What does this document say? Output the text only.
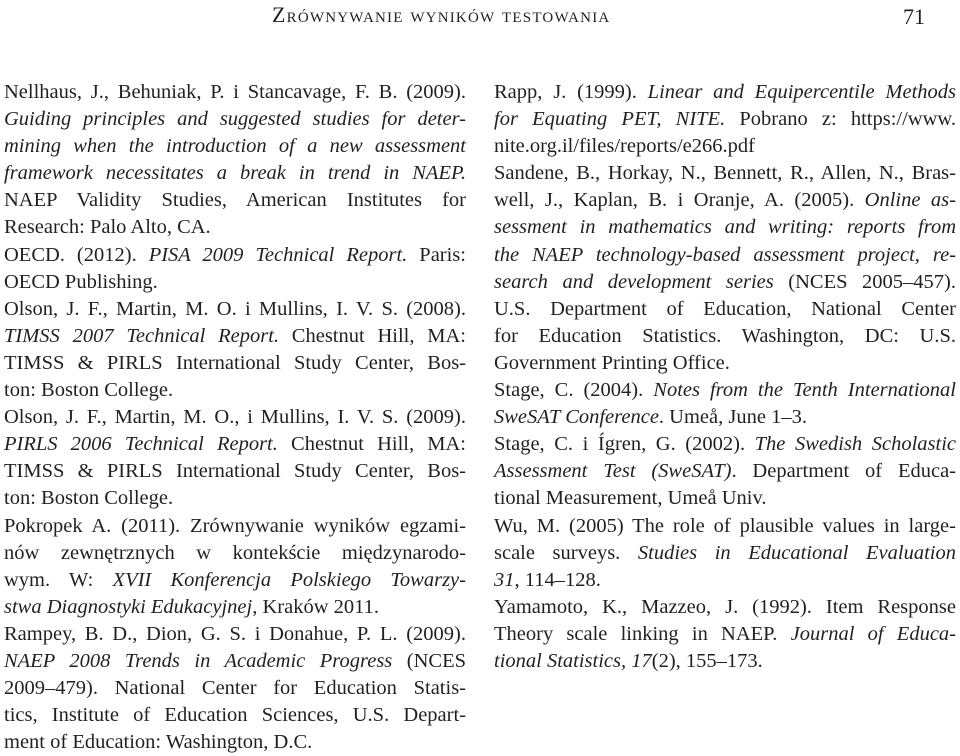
Zrównywanie wyników testowania	71
Nellhaus, J., Behuniak, P. i Stancavage, F. B. (2009).
Guiding principles and suggested studies for deter-
mining when the introduction of a new assessment
framework necessitates a break in trend in NAEP.
NAEP Validity Studies, American Institutes for
Research: Palo Alto, CA.
OECD. (2012). PISA 2009 Technical Report. Paris:
OECD Publishing.
Olson, J. F., Martin, M. O. i Mullins, I. V. S. (2008).
TIMSS 2007 Technical Report. Chestnut Hill, MA:
TIMSS & PIRLS International Study Center, Bos-
ton: Boston College.
Olson, J. F., Martin, M. O., i Mullins, I. V. S. (2009).
PIRLS 2006 Technical Report. Chestnut Hill, MA:
TIMSS & PIRLS International Study Center, Bos-
ton: Boston College.
Pokropek A. (2011). Zrównywanie wyników egzami-
nów zewnętrznych w kontekście międzynarodo-
wym. W: XVII Konferencja Polskiego Towarzy-
stwa Diagnostyki Edukacyjnej, Kraków 2011.
Rampey, B. D., Dion, G. S. i Donahue, P. L. (2009).
NAEP 2008 Trends in Academic Progress (NCES
2009–479). National Center for Education Statis-
tics, Institute of Education Sciences, U.S. Depart-
ment of Education: Washington, D.C.
Rapp, J. (1999). Linear and Equipercentile Methods
for Equating PET, NITE. Pobrano z: https://www.
nite.org.il/files/reports/e266.pdf
Sandene, B., Horkay, N., Bennett, R., Allen, N., Bras-
well, J., Kaplan, B. i Oranje, A. (2005). Online as-
sessment in mathematics and writing: reports from
the NAEP technology-based assessment project, re-
search and development series (NCES 2005–457).
U.S. Department of Education, National Center
for Education Statistics. Washington, DC: U.S.
Government Printing Office.
Stage, C. (2004). Notes from the Tenth International
SweSAT Conference. Umeå, June 1–3.
Stage, C. i Ígren, G. (2002). The Swedish Scholastic
Assessment Test (SweSAT). Department of Educa-
tional Measurement, Umeå Univ.
Wu, M. (2005) The role of plausible values in large-
scale surveys. Studies in Educational Evaluation
31, 114–128.
Yamamoto, K., Mazzeo, J. (1992). Item Response
Theory scale linking in NAEP. Journal of Educa-
tional Statistics, 17(2), 155–173.
